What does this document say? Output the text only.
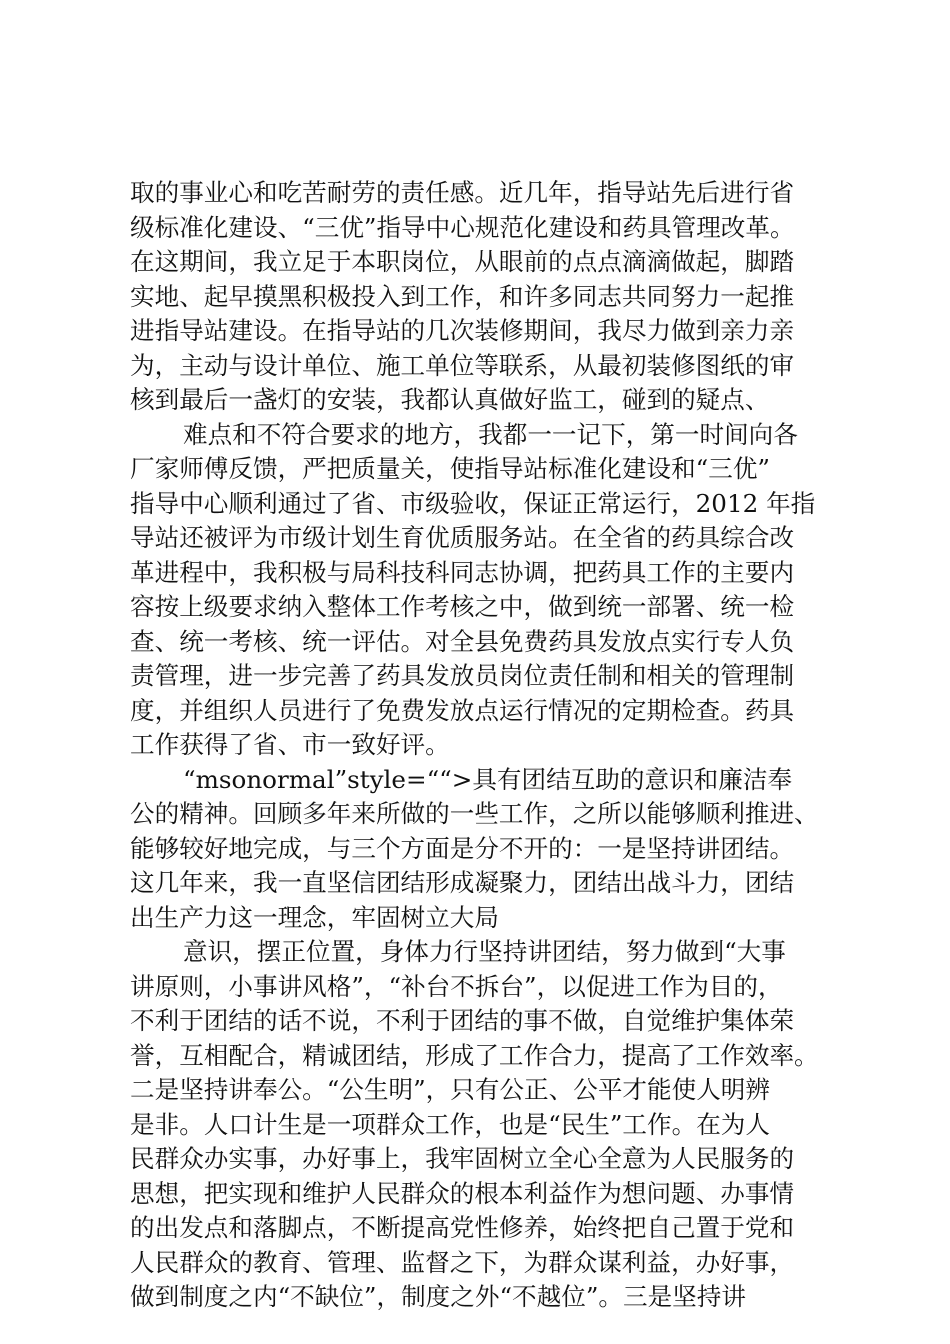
取的事业心和吃苦耐劳的责任感。近几年，指导站先后进行省
级标准化建设、“三优”指导中心规范化建设和药具管理改革。
在这期间，我立足于本职岗位，从眼前的点点滴滴做起，脚踏
实地、起早摸黑积极投入到工作，和许多同志共同努力一起推
进指导站建设。在指导站的几次装修期间，我尽力做到亲力亲
为，主动与设计单位、施工单位等联系，从最初装修图纸的审
核到最后一盏灯的安装，我都认真做好监工，碰到的疑点、
难点和不符合要求的地方，我都一一记下，第一时间向各
厂家师傅反馈，严把质量关，使指导站标准化建设和“三优”
指导中心顺利通过了省、市级验收，保证正常运行，2012 年指
导站还被评为市级计划生育优质服务站。在全省的药具综合改
革进程中，我积极与局科技科同志协调，把药具工作的主要内
容按上级要求纳入整体工作考核之中，做到统一部署、统一检
查、统一考核、统一评估。对全县免费药具发放点实行专人负
责管理，进一步完善了药具发放员岗位责任制和相关的管理制
度，并组织人员进行了免费发放点运行情况的定期检查。药具
工作获得了省、市一致好评。
“msonormal”style=““>具有团结互助的意识和廉洁奉
公的精神。回顾多年来所做的一些工作，之所以能够顺利推进、
能够较好地完成，与三个方面是分不开的：一是坚持讲团结。
这几年来，我一直坚信团结形成凝聚力，团结出战斗力，团结
出生产力这一理念，牢固树立大局
意识，摆正位置，身体力行坚持讲团结，努力做到“大事
讲原则，小事讲风格”，“补台不拆台”，以促进工作为目的，
不利于团结的话不说，不利于团结的事不做，自觉维护集体荣
誉，互相配合，精诚团结，形成了工作合力，提高了工作效率。
二是坚持讲奉公。“公生明”，只有公正、公平才能使人明辨
是非。人口计生是一项群众工作，也是“民生”工作。在为人
民群众办实事，办好事上，我牢固树立全心全意为人民服务的
思想，把实现和维护人民群众的根本利益作为想问题、办事情
的出发点和落脚点，不断提高党性修养，始终把自己置于党和
人民群众的教育、管理、监督之下，为群众谋利益，办好事，
做到制度之内“不缺位”，制度之外“不越位”。三是坚持讲
